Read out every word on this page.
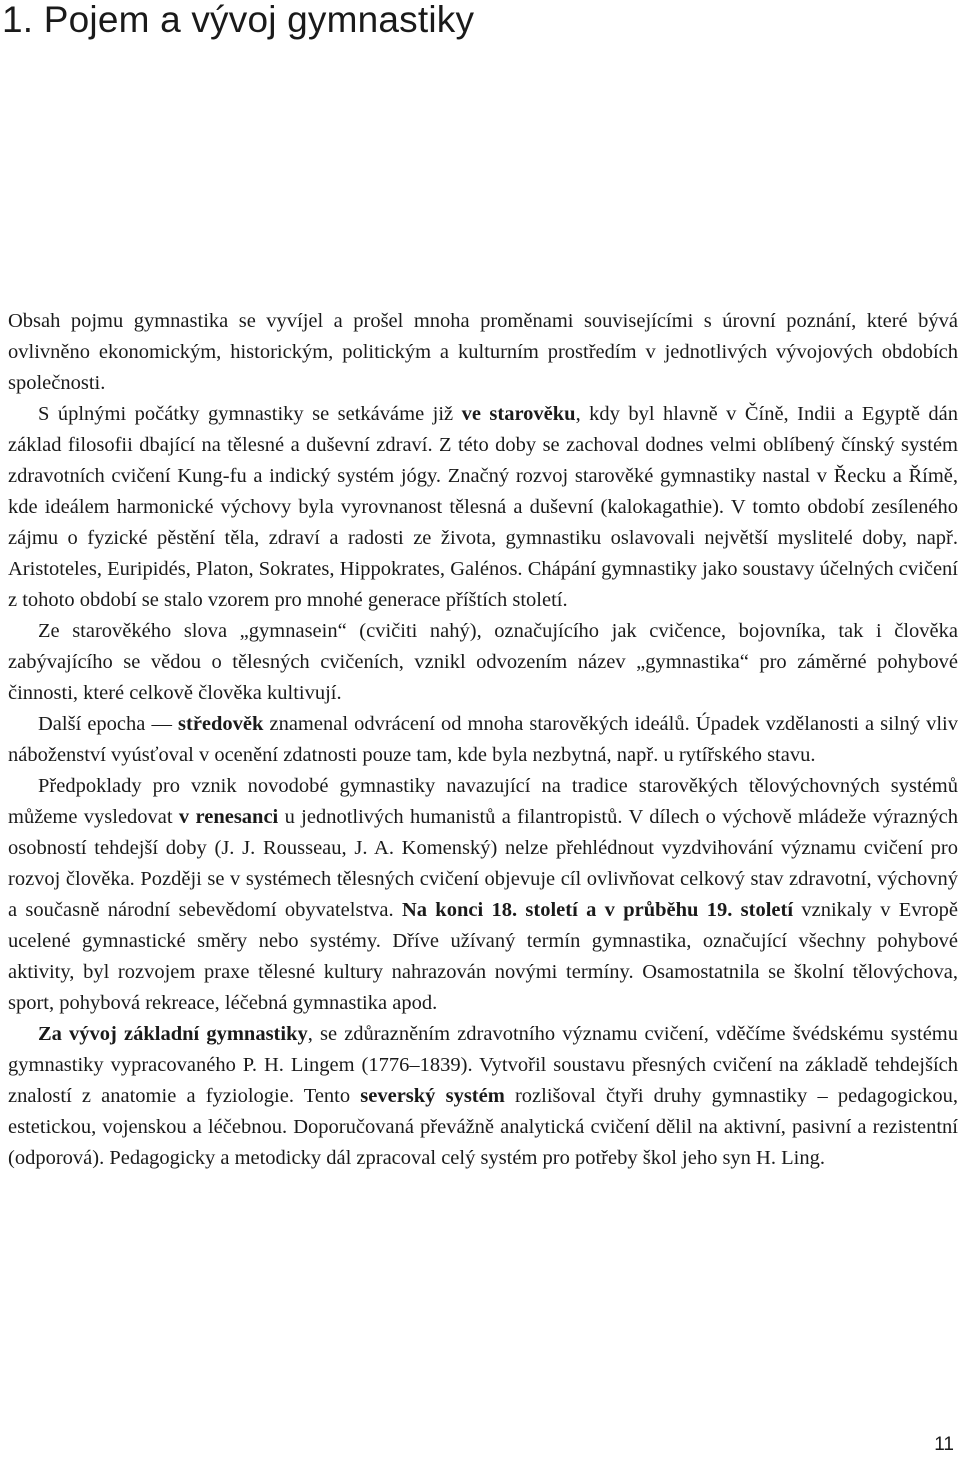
1. Pojem a vývoj gymnastiky

Obsah pojmu gymnastika se vyvíjel a prošel mnoha proměnami souvisejícími s úrovní poznání, které bývá ovlivněno ekonomickým, historickým, politickým a kulturním prostředím v jednotlivých vývojových obdobích společnosti.

S úplnými počátky gymnastiky se setkáváme již ve starověku, kdy byl hlavně v Číně, Indii a Egyptě dán základ filosofii dbající na tělesné a duševní zdraví. Z této doby se zachoval dodnes velmi oblíbený čínský systém zdravotních cvičení Kung-fu a indický systém jógy. Značný rozvoj starověké gymnastiky nastal v Řecku a Římě, kde ideálem harmonické výchovy byla vyrovnanost tělesná a duševní (kalokagathie). V tomto období zesíleného zájmu o fyzické pěstění těla, zdraví a radosti ze života, gymnastiku oslavovali největší myslitelé doby, např. Aristoteles, Euripidés, Platon, Sokrates, Hippokrates, Galénos. Chápání gymnastiky jako soustavy účelných cvičení z tohoto období se stalo vzorem pro mnohé generace příštích století.

Ze starověkého slova „gymnasein“ (cvičiti nahý), označujícího jak cvičence, bojovníka, tak i člověka zabývajícího se vědou o tělesných cvičeních, vznikl odvozením název „gymnastika“ pro záměrné pohybové činnosti, které celkově člověka kultivují.

Další epocha — středověk znamenal odvrácení od mnoha starověkých ideálů. Úpadek vzdělanosti a silný vliv náboženství vyúsťoval v ocenění zdatnosti pouze tam, kde byla nezbytná, např. u rytířského stavu.

Předpoklady pro vznik novodobé gymnastiky navazující na tradice starověkých tělovýchovných systémů můžeme vysledovat v renesanci u jednotlivých humanistů a filantropistů. V dílech o výchově mládeže výrazných osobností tehdejší doby (J. J. Rousseau, J. A. Komenský) nelze přehlédnout vyzdvihování významu cvičení pro rozvoj člověka. Později se v systémech tělesných cvičení objevuje cíl ovlivňovat celkový stav zdravotní, výchovný a současně národní sebevědomí obyvatelstva. Na konci 18. století a v průběhu 19. století vznikaly v Evropě ucelené gymnastické směry nebo systémy. Dříve užívaný termín gymnastika, označující všechny pohybové aktivity, byl rozvojem praxe tělesné kultury nahrazován novými termíny. Osamostatnila se školní tělovýchova, sport, pohybová rekreace, léčebná gymnastika apod.

Za vývoj základní gymnastiky, se zdůrazněním zdravotního významu cvičení, vděčíme švédskému systému gymnastiky vypracovaného P. H. Lingem (1776–1839). Vytvořil soustavu přesných cvičení na základě tehdejších znalostí z anatomie a fyziologie. Tento severský systém rozlišoval čtyři druhy gymnastiky – pedagogickou, estetickou, vojenskou a léčebnou. Doporučovaná převážně analytická cvičení dělil na aktivní, pasivní a rezistentní (odporová). Pedagogicky a metodicky dál zpracoval celý systém pro potřeby škol jeho syn H. Ling.

11
